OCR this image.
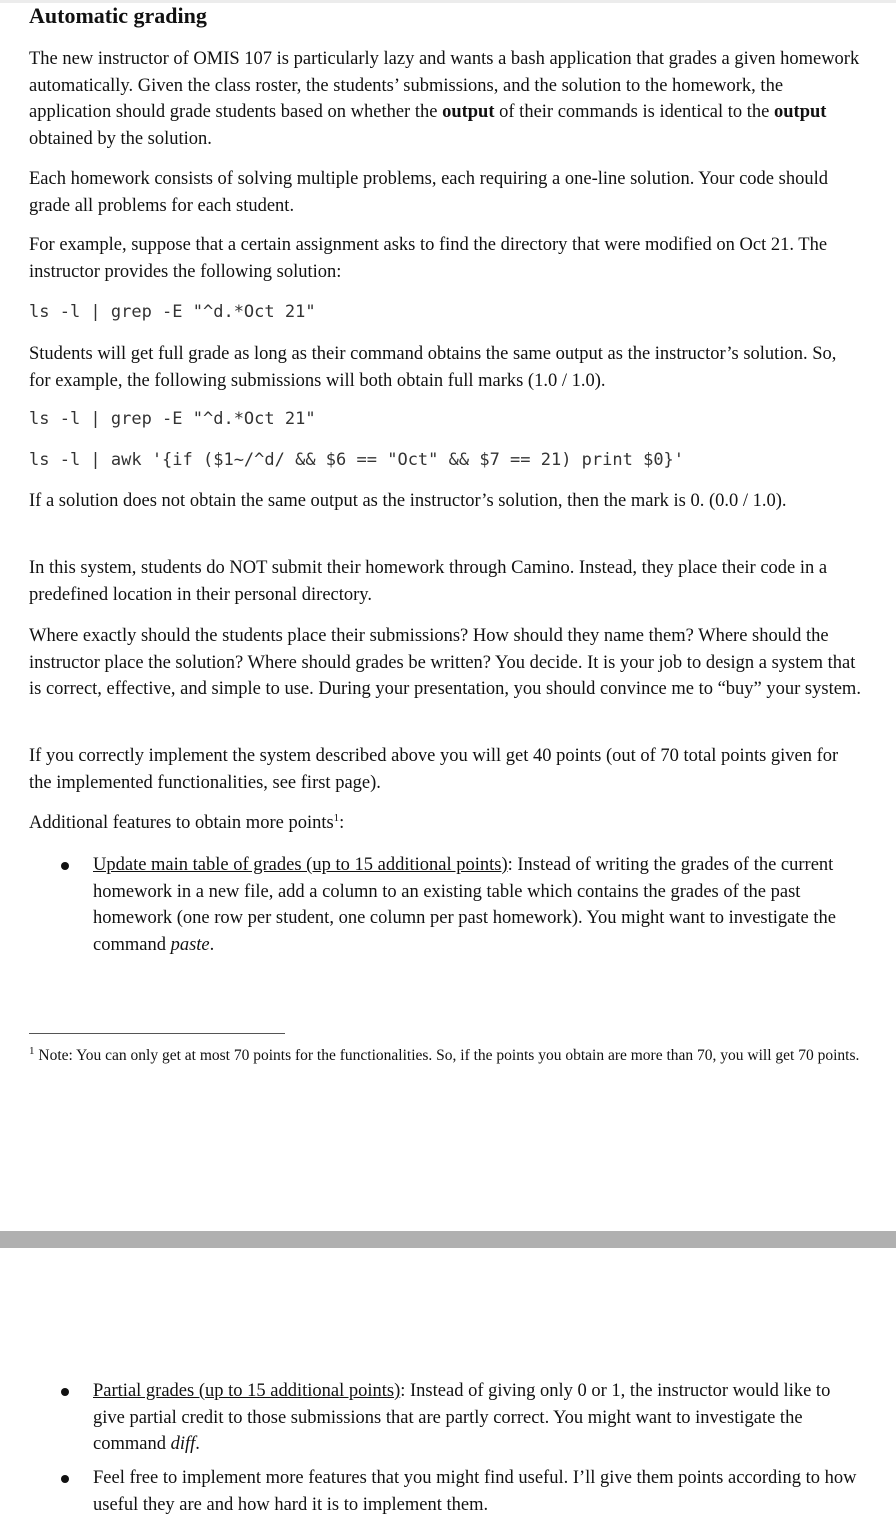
Automatic grading

The new instructor of OMIS 107 is particularly lazy and wants a bash application that grades a given homework automatically. Given the class roster, the students’ submissions, and the solution to the homework, the application should grade students based on whether the output of their commands is identical to the output obtained by the solution.

Each homework consists of solving multiple problems, each requiring a one-line solution. Your code should grade all problems for each student.

For example, suppose that a certain assignment asks to find the directory that were modified on Oct 21. The instructor provides the following solution:

ls -l | grep -E "^d.*Oct 21"

Students will get full grade as long as their command obtains the same output as the instructor’s solution. So, for example, the following submissions will both obtain full marks (1.0 / 1.0).

ls -l | grep -E "^d.*Oct 21"
ls -l | awk '{if ($1~/^d/ && $6 == "Oct" && $7 == 21) print $0}'

If a solution does not obtain the same output as the instructor’s solution, then the mark is 0. (0.0 / 1.0).

In this system, students do NOT submit their homework through Camino. Instead, they place their code in a predefined location in their personal directory.

Where exactly should the students place their submissions? How should they name them? Where should the instructor place the solution? Where should grades be written? You decide. It is your job to design a system that is correct, effective, and simple to use. During your presentation, you should convince me to “buy” your system.

If you correctly implement the system described above you will get 40 points (out of 70 total points given for the implemented functionalities, see first page).

Additional features to obtain more points$^1$:

Update main table of grades (up to 15 additional points): Instead of writing the grades of the current homework in a new file, add a column to an existing table which contains the grades of the past homework (one row per student, one column per past homework). You might want to investigate the command paste.

$^1$ Note: You can only get at most 70 points for the functionalities. So, if the points you obtain are more than 70, you will get 70 points.

Partial grades (up to 15 additional points): Instead of giving only 0 or 1, the instructor would like to give partial credit to those submissions that are partly correct. You might want to investigate the command diff.
Feel free to implement more features that you might find useful. I’ll give them points according to how useful they are and how hard it is to implement them.
